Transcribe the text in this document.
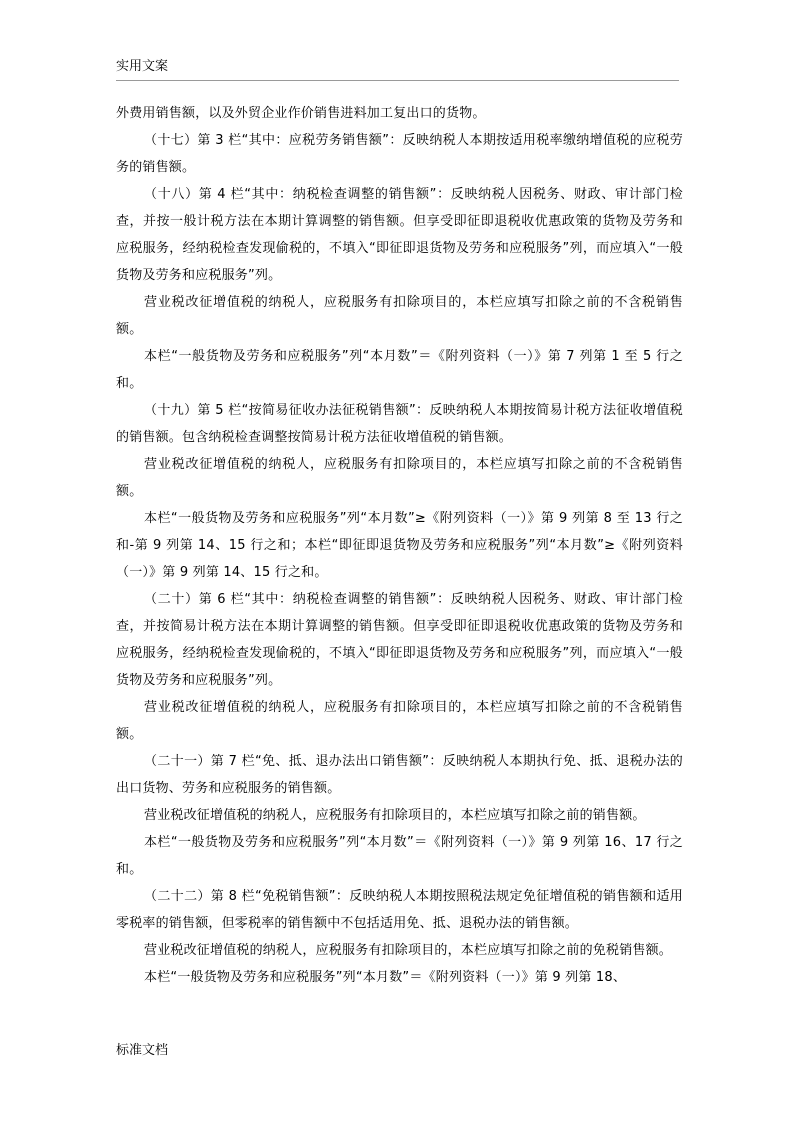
实用文案

外费用销售额，以及外贸企业作价销售进料加工复出口的货物。

（十七）第 3 栏“其中：应税劳务销售额”：反映纳税人本期按适用税率缴纳增值税的应税劳务的销售额。

（十八）第 4 栏“其中：纳税检查调整的销售额”：反映纳税人因税务、财政、审计部门检查，并按一般计税方法在本期计算调整的销售额。但享受即征即退税收优惠政策的货物及劳务和应税服务，经纳税检查发现偷税的，不填入“即征即退货物及劳务和应税服务”列，而应填入“一般货物及劳务和应税服务”列。

营业税改征增值税的纳税人，应税服务有扣除项目的，本栏应填写扣除之前的不含税销售额。

本栏“一般货物及劳务和应税服务”列“本月数”＝《附列资料（一）》第 7 列第 1 至 5 行之和。

（十九）第 5 栏“按简易征收办法征税销售额”：反映纳税人本期按简易计税方法征收增值税的销售额。包含纳税检查调整按简易计税方法征收增值税的销售额。

营业税改征增值税的纳税人，应税服务有扣除项目的，本栏应填写扣除之前的不含税销售额。

本栏“一般货物及劳务和应税服务”列“本月数”≥《附列资料（一）》第 9 列第 8 至 13 行之和-第 9 列第 14、15 行之和；本栏“即征即退货物及劳务和应税服务”列“本月数”≥《附列资料（一）》第 9 列第 14、15 行之和。

（二十）第 6 栏“其中：纳税检查调整的销售额”：反映纳税人因税务、财政、审计部门检查，并按简易计税方法在本期计算调整的销售额。但享受即征即退税收优惠政策的货物及劳务和应税服务，经纳税检查发现偷税的，不填入“即征即退货物及劳务和应税服务”列，而应填入“一般货物及劳务和应税服务”列。

营业税改征增值税的纳税人，应税服务有扣除项目的，本栏应填写扣除之前的不含税销售额。

（二十一）第 7 栏“免、抵、退办法出口销售额”：反映纳税人本期执行免、抵、退税办法的出口货物、劳务和应税服务的销售额。

营业税改征增值税的纳税人，应税服务有扣除项目的，本栏应填写扣除之前的销售额。

本栏“一般货物及劳务和应税服务”列“本月数”＝《附列资料（一）》第 9 列第 16、17 行之和。

（二十二）第 8 栏“免税销售额”：反映纳税人本期按照税法规定免征增值税的销售额和适用零税率的销售额，但零税率的销售额中不包括适用免、抵、退税办法的销售额。

营业税改征增值税的纳税人，应税服务有扣除项目的，本栏应填写扣除之前的免税销售额。

本栏“一般货物及劳务和应税服务”列“本月数”＝《附列资料（一）》第 9 列第 18、

标准文档
